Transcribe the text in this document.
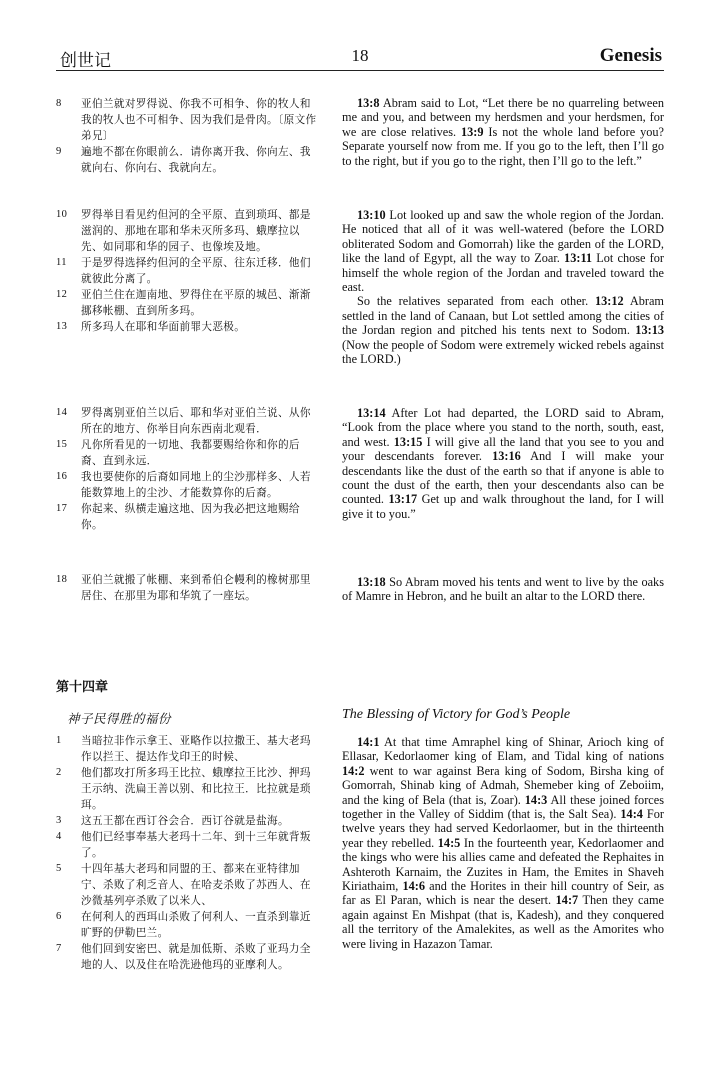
创世记	18	Genesis
8 亚伯兰就对罗得说、你我不可相争、你的牧人和我的牧人也不可相争、因为我们是骨肉。〔原文作弟兄〕
9 遍地不都在你眼前么．请你离开我、你向左、我就向右、你向右、我就向左。
10 罗得举目看见约但河的全平原、直到琐珥、都是滋润的、那地在耶和华未灭所多玛、蛾摩拉以先、如同耶和华的园子、也像埃及地。
11 于是罗得选择约但河的全平原、往东迁移．他们就彼此分离了。
12 亚伯兰住在迦南地、罗得住在平原的城邑、渐渐挪移帐棚、直到所多玛。
13 所多玛人在耶和华面前罪大恶极。
14 罗得离别亚伯兰以后、耶和华对亚伯兰说、从你所在的地方、你举目向东西南北观看．
15 凡你所看见的一切地、我都要赐给你和你的后裔、直到永远．
16 我也要使你的后裔如同地上的尘沙那样多、人若能数算地上的尘沙、才能数算你的后裔。
17 你起来、纵横走遍这地、因为我必把这地赐给你。
18 亚伯兰就搬了帐棚、来到希伯仑幔利的橡树那里居住、在那里为耶和华筑了一座坛。
第十四章
神子民得胜的福份	The Blessing of Victory for God’s People
1 当暗拉非作示拿王、亚略作以拉撒王、基大老玛作以拦王、提达作戈印王的时候、
2 他们都攻打所多玛王比拉、蛾摩拉王比沙、押玛王示纳、洗扁王善以别、和比拉王．比拉就是琐珥。
3 这五王都在西订谷会合．西订谷就是盐海。
4 他们已经事奉基大老玛十二年、到十三年就背叛了。
5 十四年基大老玛和同盟的王、都来在亚特律加宁、杀败了利乏音人、在哈麦杀败了苏西人、在沙微基列亭杀败了以米人、
6 在何利人的西珥山杀败了何利人、一直杀到靠近旷野的伊勒巴兰。
7 他们回到安密巴、就是加低斯、杀败了亚玛力全地的人、以及住在哈洗逊他玛的亚摩利人。

13:8 Abram said to Lot, “Let there be no quarreling between me and you, and between my herdsmen and your herdsmen, for we are close relatives. 13:9 Is not the whole land before you? Separate yourself now from me. If you go to the left, then I’ll go to the right, but if you go to the right, then I’ll go to the left.”

13:10 Lot looked up and saw the whole region of the Jordan. He noticed that all of it was well-watered (before the LORD obliterated Sodom and Gomorrah) like the garden of the LORD, like the land of Egypt, all the way to Zoar. 13:11 Lot chose for himself the whole region of the Jordan and traveled toward the east.

So the relatives separated from each other. 13:12 Abram settled in the land of Canaan, but Lot settled among the cities of the Jordan region and pitched his tents next to Sodom. 13:13 (Now the people of Sodom were extremely wicked rebels against the LORD.)

13:14 After Lot had departed, the LORD said to Abram, “Look from the place where you stand to the north, south, east, and west. 13:15 I will give all the land that you see to you and your descendants forever. 13:16 And I will make your descendants like the dust of the earth so that if anyone is able to count the dust of the earth, then your descendants also can be counted. 13:17 Get up and walk throughout the land, for I will give it to you.”

13:18 So Abram moved his tents and went to live by the oaks of Mamre in Hebron, and he built an altar to the LORD there.

14:1 At that time Amraphel king of Shinar, Arioch king of Ellasar, Kedorlaomer king of Elam, and Tidal king of nations 14:2 went to war against Bera king of Sodom, Birsha king of Gomorrah, Shinab king of Admah, Shemeber king of Zeboiim, and the king of Bela (that is, Zoar). 14:3 All these joined forces together in the Valley of Siddim (that is, the Salt Sea). 14:4 For twelve years they had served Kedorlaomer, but in the thirteenth year they rebelled. 14:5 In the fourteenth year, Kedorlaomer and the kings who were his allies came and defeated the Rephaites in Ashteroth Karnaim, the Zuzites in Ham, the Emites in Shaveh Kiriathaim, 14:6 and the Horites in their hill country of Seir, as far as El Paran, which is near the desert. 14:7 Then they came again against En Mishpat (that is, Kadesh), and they conquered all the territory of the Amalekites, as well as the Amorites who were living in Hazazon Tamar.
